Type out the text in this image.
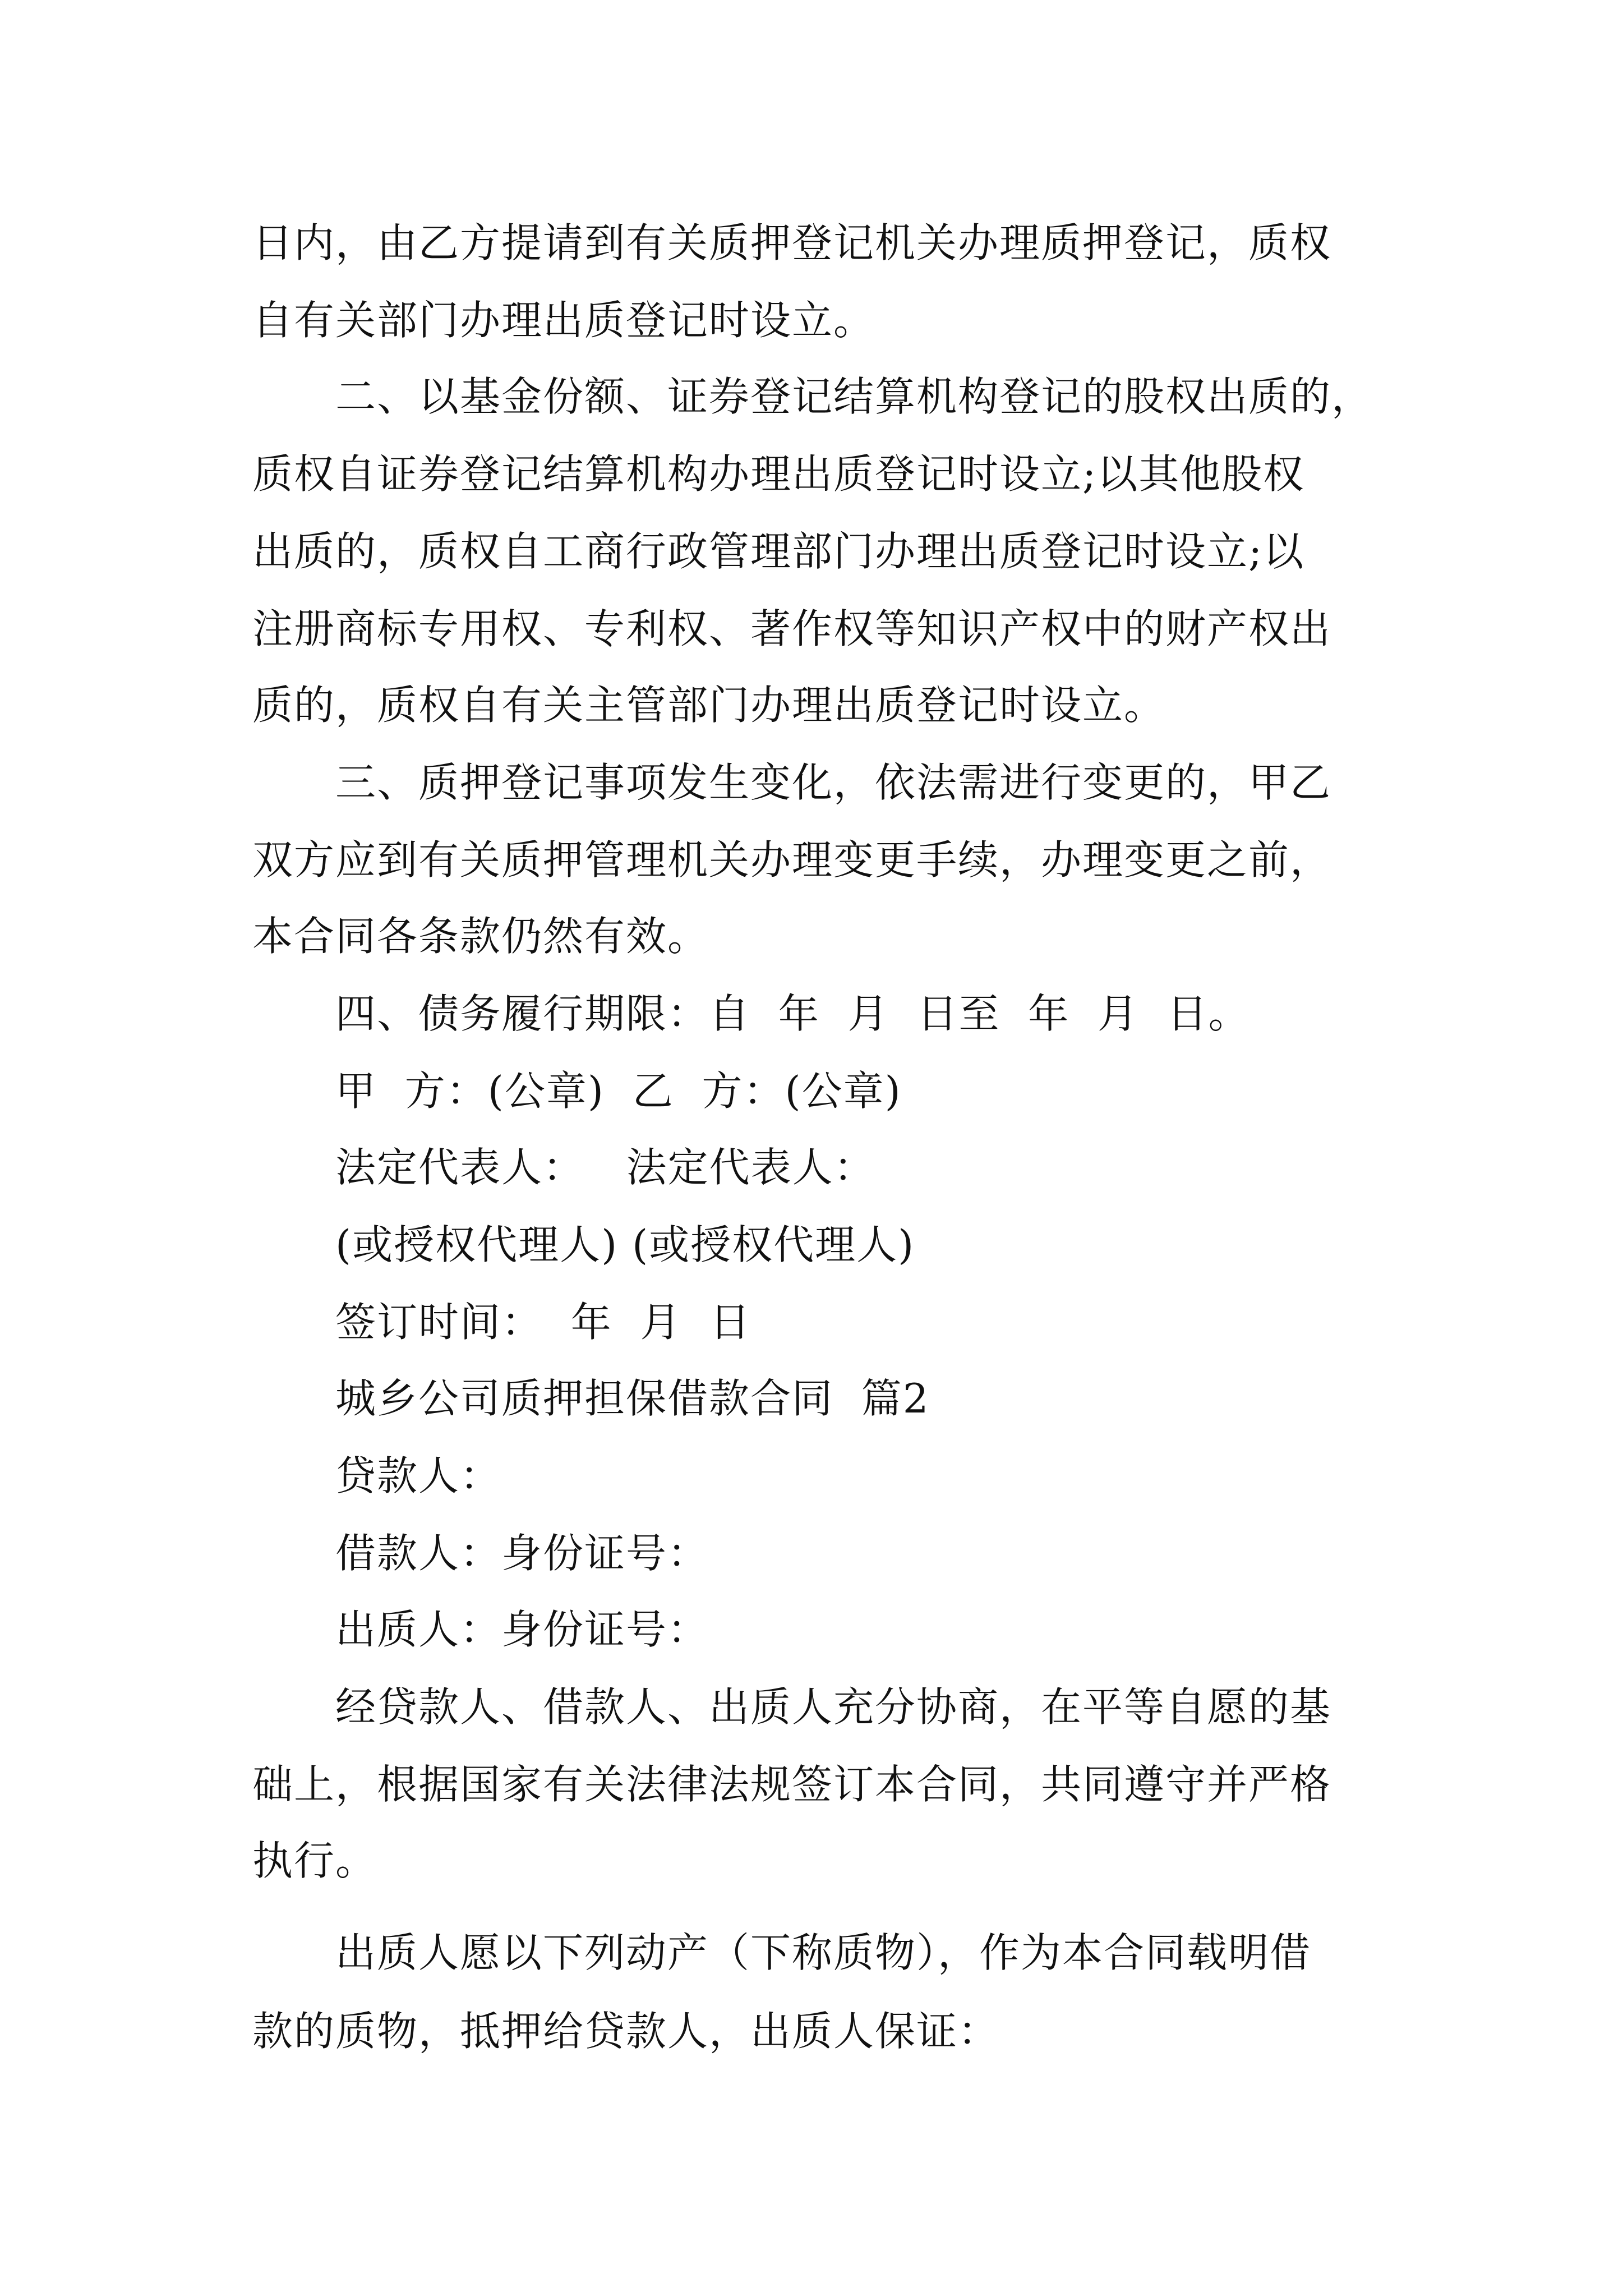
日内，由乙方提请到有关质押登记机关办理质押登记，质权
自有关部门办理出质登记时设立。
二、以基金份额、证券登记结算机构登记的股权出质的，
质权自证券登记结算机构办理出质登记时设立;以其他股权
出质的，质权自工商行政管理部门办理出质登记时设立;以
注册商标专用权、专利权、著作权等知识产权中的财产权出
质的，质权自有关主管部门办理出质登记时设立。
三、质押登记事项发生变化，依法需进行变更的，甲乙
双方应到有关质押管理机关办理变更手续，办理变更之前，
本合同各条款仍然有效。
四、债务履行期限：自  年  月  日至  年  月  日。
甲  方：(公章)  乙  方：(公章)
法定代表人：   法定代表人：
(或授权代理人) (或授权代理人)
签订时间：  年  月  日
城乡公司质押担保借款合同  篇2
贷款人：
借款人：身份证号：
出质人：身份证号：
经贷款人、借款人、出质人充分协商，在平等自愿的基
础上，根据国家有关法律法规签订本合同，共同遵守并严格
执行。
出质人愿以下列动产（下称质物），作为本合同载明借
款的质物，抵押给贷款人，出质人保证：
